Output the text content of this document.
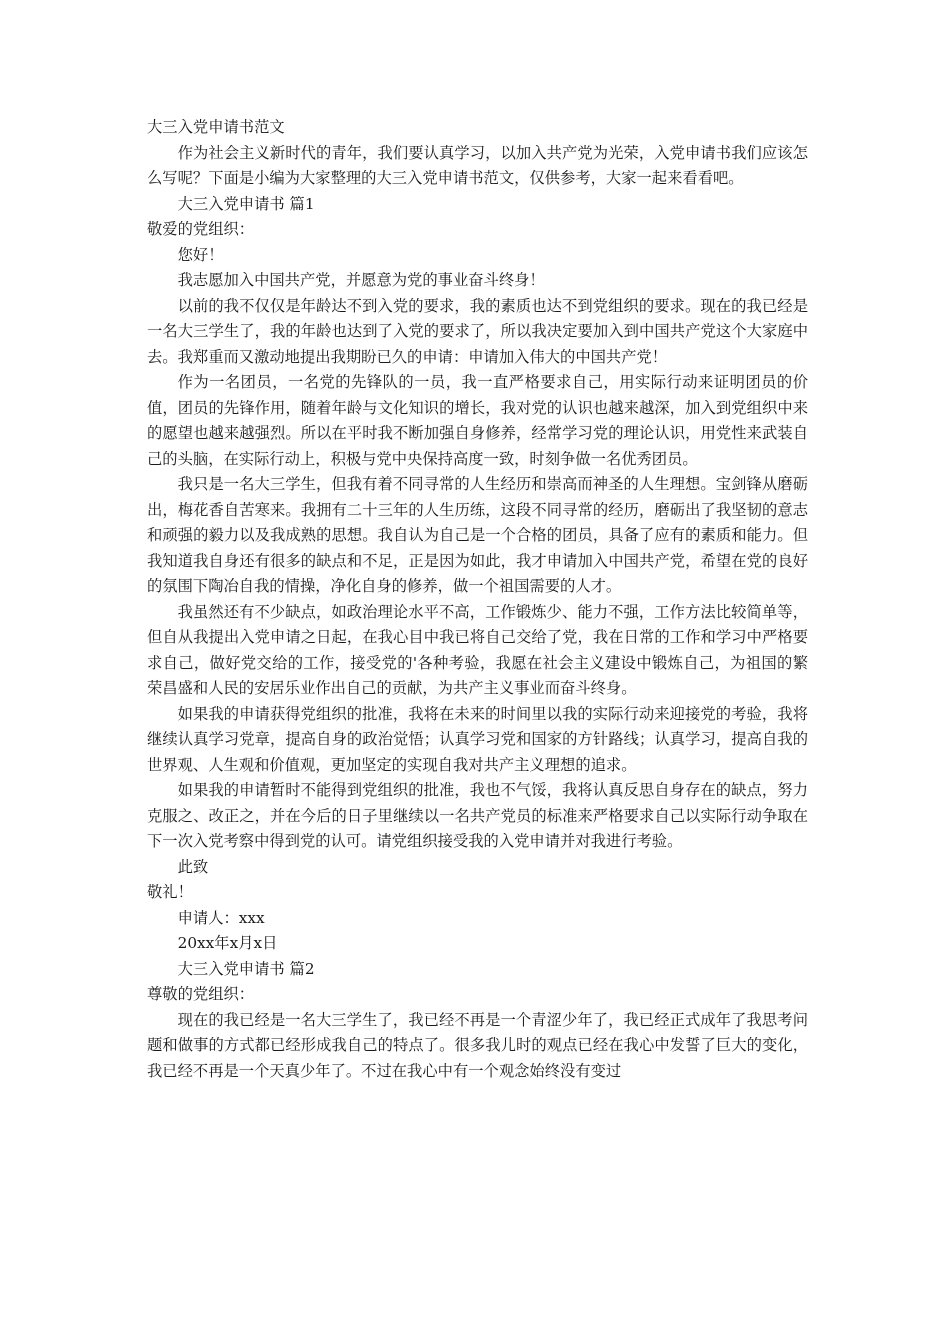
大三入党申请书范文

作为社会主义新时代的青年，我们要认真学习，以加入共产党为光荣，入党申请书我们应该怎么写呢？下面是小编为大家整理的大三入党申请书范文，仅供参考，大家一起来看看吧。

大三入党申请书 篇1

敬爱的党组织：

您好！

我志愿加入中国共产党，并愿意为党的事业奋斗终身！

以前的我不仅仅是年龄达不到入党的要求，我的素质也达不到党组织的要求。现在的我已经是一名大三学生了，我的年龄也达到了入党的要求了，所以我决定要加入到中国共产党这个大家庭中去。我郑重而又激动地提出我期盼已久的申请：申请加入伟大的中国共产党！

作为一名团员，一名党的先锋队的一员，我一直严格要求自己，用实际行动来证明团员的价值，团员的先锋作用，随着年龄与文化知识的增长，我对党的认识也越来越深，加入到党组织中来的愿望也越来越强烈。所以在平时我不断加强自身修养，经常学习党的理论认识，用党性来武装自己的头脑，在实际行动上，积极与党中央保持高度一致，时刻争做一名优秀团员。

我只是一名大三学生，但我有着不同寻常的人生经历和崇高而神圣的人生理想。宝剑锋从磨砺出，梅花香自苦寒来。我拥有二十三年的人生历练，这段不同寻常的经历，磨砺出了我坚韧的意志和顽强的毅力以及我成熟的思想。我自认为自己是一个合格的团员，具备了应有的素质和能力。但我知道我自身还有很多的缺点和不足，正是因为如此，我才申请加入中国共产党，希望在党的良好的氛围下陶冶自我的情操，净化自身的修养，做一个祖国需要的人才。

我虽然还有不少缺点，如政治理论水平不高，工作锻炼少、能力不强，工作方法比较简单等，但自从我提出入党申请之日起，在我心目中我已将自己交给了党，我在日常的工作和学习中严格要求自己，做好党交给的工作，接受党的'各种考验，我愿在社会主义建设中锻炼自己，为祖国的繁荣昌盛和人民的安居乐业作出自己的贡献，为共产主义事业而奋斗终身。

如果我的申请获得党组织的批准，我将在未来的时间里以我的实际行动来迎接党的考验，我将继续认真学习党章，提高自身的政治觉悟；认真学习党和国家的方针路线；认真学习，提高自我的世界观、人生观和价值观，更加坚定的实现自我对共产主义理想的追求。

如果我的申请暂时不能得到党组织的批准，我也不气馁，我将认真反思自身存在的缺点，努力克服之、改正之，并在今后的日子里继续以一名共产党员的标准来严格要求自己以实际行动争取在下一次入党考察中得到党的认可。请党组织接受我的入党申请并对我进行考验。

此致

敬礼！

申请人：xxx

20xx年x月x日

大三入党申请书 篇2

尊敬的党组织：

现在的我已经是一名大三学生了，我已经不再是一个青涩少年了，我已经正式成年了我思考问题和做事的方式都已经形成我自己的特点了。很多我儿时的观点已经在我心中发誓了巨大的变化，我已经不再是一个天真少年了。不过在我心中有一个观念始终没有变过
